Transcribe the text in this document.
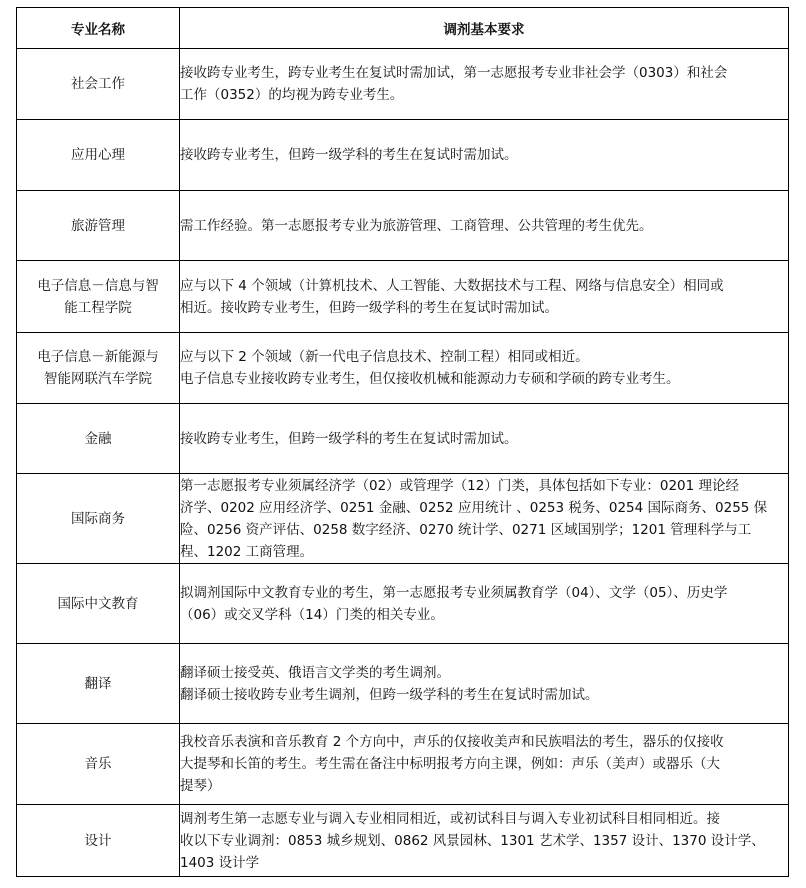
专业名称	调剂基本要求

社会工作	接收跨专业考生，跨专业考生在复试时需加试，第一志愿报考专业非社会学（0303）和社会
工作（0352）的均视为跨专业考生。

应用心理	接收跨专业考生，但跨一级学科的考生在复试时需加试。

旅游管理	需工作经验。第一志愿报考专业为旅游管理、工商管理、公共管理的考生优先。

电子信息－信息与智
能工程学院	应与以下 4 个领域（计算机技术、人工智能、大数据技术与工程、网络与信息安全）相同或
相近。接收跨专业考生，但跨一级学科的考生在复试时需加试。

电子信息－新能源与
智能网联汽车学院	应与以下 2 个领域（新一代电子信息技术、控制工程）相同或相近。
电子信息专业接收跨专业考生，但仅接收机械和能源动力专硕和学硕的跨专业考生。

金融	接收跨专业考生，但跨一级学科的考生在复试时需加试。

国际商务	第一志愿报考专业须属经济学（02）或管理学（12）门类，具体包括如下专业：0201 理论经
济学、0202 应用经济学、0251 金融、0252 应用统计 、0253 税务、0254 国际商务、0255 保
险、0256 资产评估、0258 数字经济、0270 统计学、0271 区域国别学；1201 管理科学与工
程、1202 工商管理。

国际中文教育	拟调剂国际中文教育专业的考生，第一志愿报考专业须属教育学（04）、文学（05）、历史学
（06）或交叉学科（14）门类的相关专业。

翻译	翻译硕士接受英、俄语言文学类的考生调剂。
翻译硕士接收跨专业考生调剂，但跨一级学科的考生在复试时需加试。

音乐	我校音乐表演和音乐教育 2 个方向中，声乐的仅接收美声和民族唱法的考生，器乐的仅接收
大提琴和长笛的考生。考生需在备注中标明报考方向主课，例如：声乐（美声）或器乐（大
提琴）

设计	调剂考生第一志愿专业与调入专业相同相近，或初试科目与调入专业初试科目相同相近。接
收以下专业调剂：0853 城乡规划、0862 风景园林、1301 艺术学、1357 设计、1370 设计学、
1403 设计学
